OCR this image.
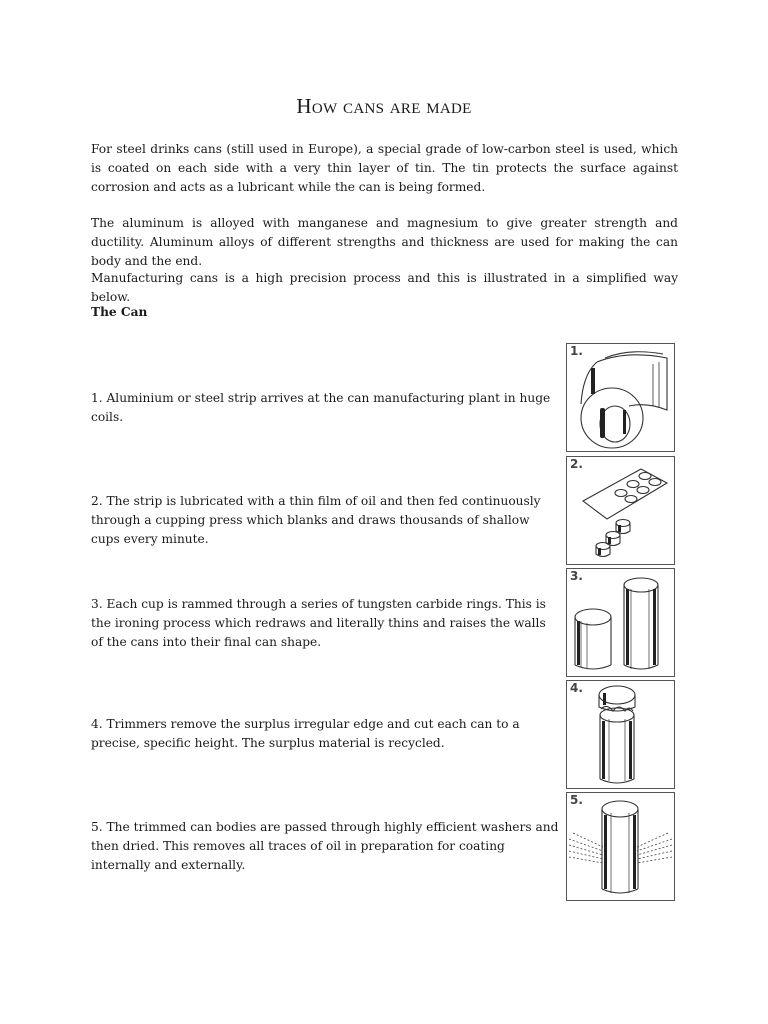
How cans are made

For steel drinks cans (still used in Europe), a special grade of low-carbon steel is used, which is coated on each side with a very thin layer of tin. The tin protects the surface against corrosion and acts as a lubricant while the can is being formed.

The aluminum is alloyed with manganese and magnesium to give greater strength and ductility. Aluminum alloys of different strengths and thickness are used for making the can body and the end.

Manufacturing cans is a high precision process and this is illustrated in a simplified way below.

The Can

1. Aluminium or steel strip arrives at the can manufacturing plant in huge coils.

1.

2. The strip is lubricated with a thin film of oil and then fed continuously through a cupping press which blanks and draws thousands of shallow cups every minute.

2.

3. Each cup is rammed through a series of tungsten carbide rings. This is the ironing process which redraws and literally thins and raises the walls of the cans into their final can shape.

3.

4. Trimmers remove the surplus irregular edge and cut each can to a precise, specific height. The surplus material is recycled.

4.

5. The trimmed can bodies are passed through highly efficient washers and then dried. This removes all traces of oil in preparation for coating internally and externally.

5.
